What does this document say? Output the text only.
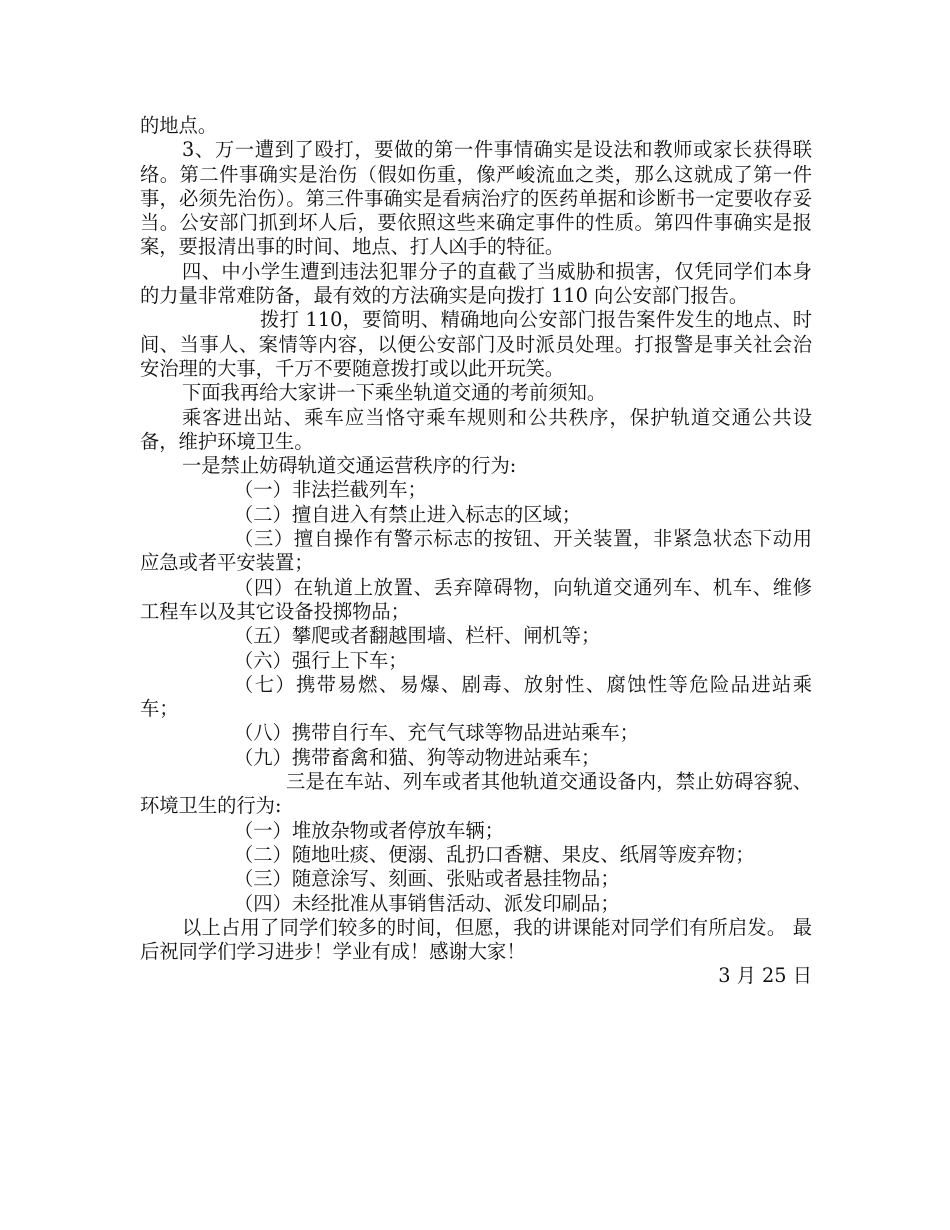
的地点。

3、万一遭到了殴打，要做的第一件事情确实是设法和教师或家长获得联络。第二件事确实是治伤（假如伤重，像严峻流血之类，那么这就成了第一件事，必须先治伤）。第三件事确实是看病治疗的医药单据和诊断书一定要收存妥当。公安部门抓到坏人后，要依照这些来确定事件的性质。第四件事确实是报案，要报清出事的时间、地点、打人凶手的特征。

四、中小学生遭到违法犯罪分子的直截了当威胁和损害，仅凭同学们本身的力量非常难防备，最有效的方法确实是向拨打 110 向公安部门报告。

拨打 110，要简明、精确地向公安部门报告案件发生的地点、时间、当事人、案情等内容，以便公安部门及时派员处理。打报警是事关社会治安治理的大事，千万不要随意拨打或以此开玩笑。

下面我再给大家讲一下乘坐轨道交通的考前须知。

乘客进出站、乘车应当恪守乘车规则和公共秩序，保护轨道交通公共设备，维护环境卫生。

一是禁止妨碍轨道交通运营秩序的行为:

（一）非法拦截列车；

（二）擅自进入有禁止进入标志的区域；

（三）擅自操作有警示标志的按钮、开关装置，非紧急状态下动用应急或者平安装置；

（四）在轨道上放置、丢弃障碍物，向轨道交通列车、机车、维修工程车以及其它设备投掷物品；

（五）攀爬或者翻越围墙、栏杆、闸机等；

（六）强行上下车；

（七）携带易燃、易爆、剧毒、放射性、腐蚀性等危险品进站乘车；

（八）携带自行车、充气气球等物品进站乘车；

（九）携带畜禽和猫、狗等动物进站乘车；

三是在车站、列车或者其他轨道交通设备内，禁止妨碍容貌、环境卫生的行为:

（一）堆放杂物或者停放车辆；

（二）随地吐痰、便溺、乱扔口香糖、果皮、纸屑等废弃物；

（三）随意涂写、刻画、张贴或者悬挂物品；

（四）未经批准从事销售活动、派发印刷品；

以上占用了同学们较多的时间，但愿，我的讲课能对同学们有所启发。 最后祝同学们学习进步！学业有成！感谢大家！

3 月 25 日
